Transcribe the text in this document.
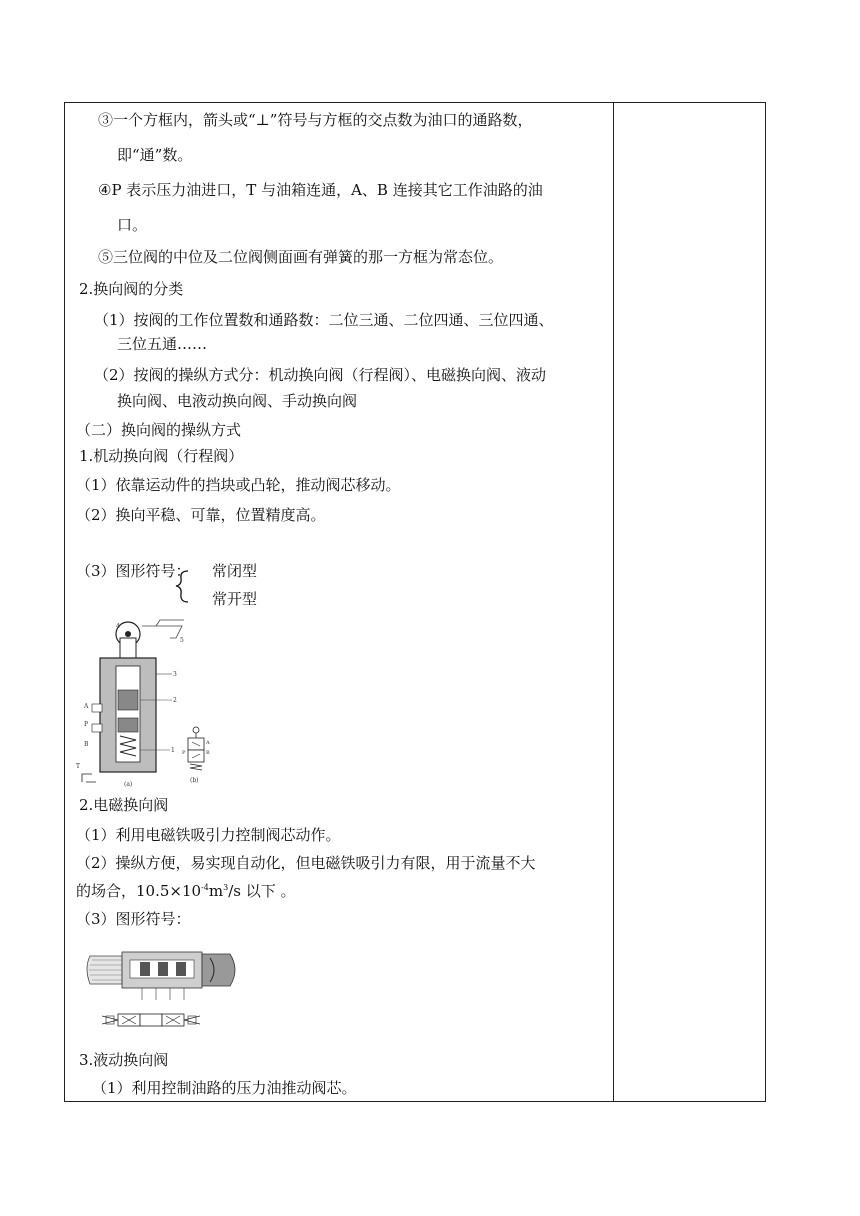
③一个方框内，箭头或“⊥”符号与方框的交点数为油口的通路数，
即“通”数。
④P 表示压力油进口，T 与油箱连通，A、B 连接其它工作油路的油
口。
⑤三位阀的中位及二位阀侧面画有弹簧的那一方框为常态位。
2.换向阀的分类
（1）按阀的工作位置数和通路数：二位三通、二位四通、三位四通、
三位五通……
（2）按阀的操纵方式分：机动换向阀（行程阀）、电磁换向阀、液动
换向阀、电液动换向阀、手动换向阀
（二）换向阀的操纵方式
1.机动换向阀（行程阀）
（1）依靠运动件的挡块或凸轮，推动阀芯移动。
（2）换向平稳、可靠，位置精度高。
（3）图形符号： 常闭型
常开型
4
5
3
2
1
A
P
B
T
(a)
P
A
B
(b)
2.电磁换向阀
（1）利用电磁铁吸引力控制阀芯动作。
（2）操纵方便，易实现自动化，但电磁铁吸引力有限，用于流量不大
的场合，$10.5\times 10^{-4}m^3/s$ 以下 。
（3）图形符号：
3.液动换向阀
（1）利用控制油路的压力油推动阀芯。
